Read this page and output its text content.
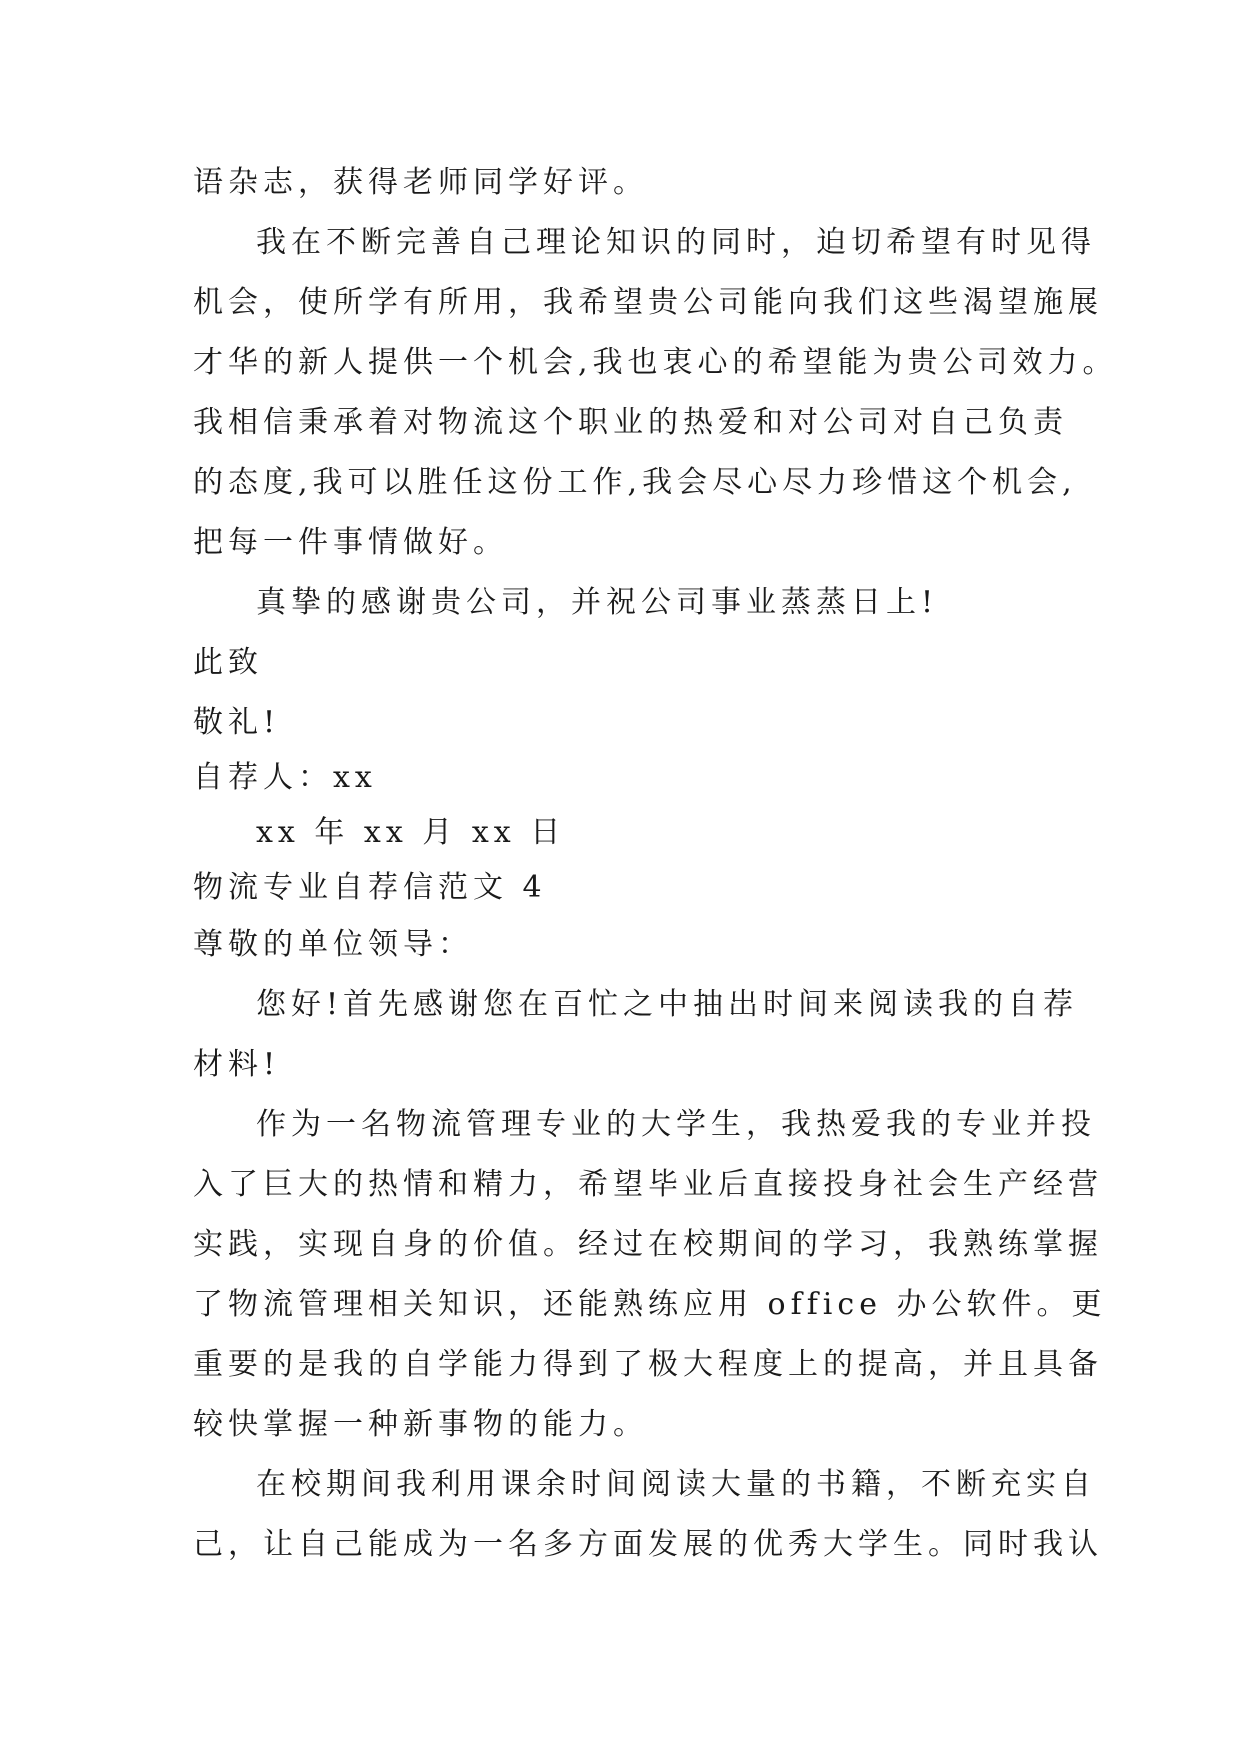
语杂志，获得老师同学好评。
我在不断完善自己理论知识的同时，迫切希望有时见得
机会，使所学有所用，我希望贵公司能向我们这些渴望施展
才华的新人提供一个机会,我也衷心的希望能为贵公司效力。
我相信秉承着对物流这个职业的热爱和对公司对自己负责
的态度,我可以胜任这份工作,我会尽心尽力珍惜这个机会,
把每一件事情做好。
真挚的感谢贵公司，并祝公司事业蒸蒸日上!
此致
敬礼!
自荐人：xx
xx 年 xx 月 xx 日
物流专业自荐信范文 4
尊敬的单位领导：
您好!首先感谢您在百忙之中抽出时间来阅读我的自荐
材料!
作为一名物流管理专业的大学生，我热爱我的专业并投
入了巨大的热情和精力，希望毕业后直接投身社会生产经营
实践，实现自身的价值。经过在校期间的学习，我熟练掌握
了物流管理相关知识，还能熟练应用 office 办公软件。更
重要的是我的自学能力得到了极大程度上的提高，并且具备
较快掌握一种新事物的能力。
在校期间我利用课余时间阅读大量的书籍，不断充实自
己，让自己能成为一名多方面发展的优秀大学生。同时我认
